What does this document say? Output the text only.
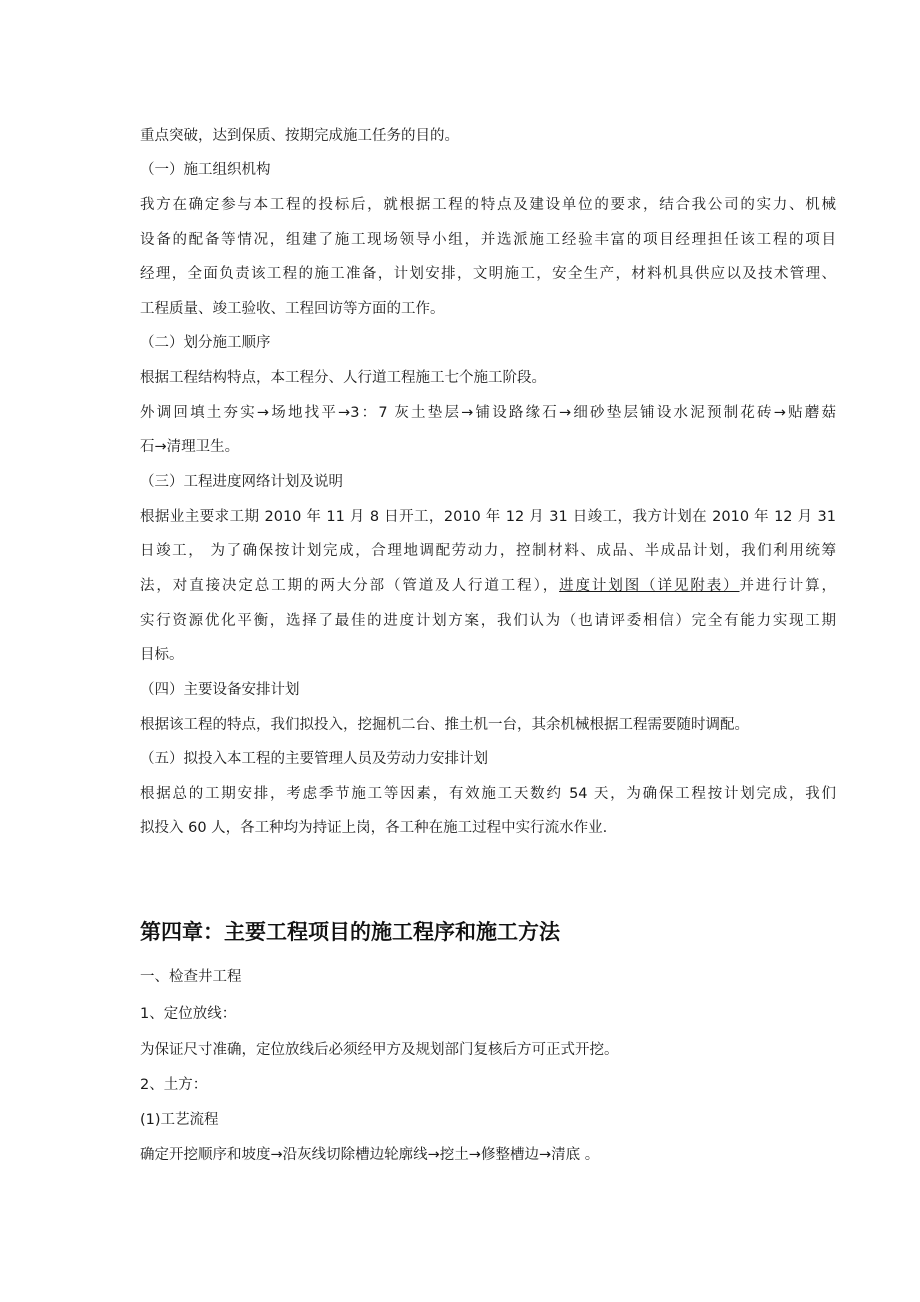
重点突破，达到保质、按期完成施工任务的目的。
（一）施工组织机构
我方在确定参与本工程的投标后，就根据工程的特点及建设单位的要求，结合我公司的实力、机械
设备的配备等情况，组建了施工现场领导小组，并选派施工经验丰富的项目经理担任该工程的项目
经理，全面负责该工程的施工准备，计划安排，文明施工，安全生产，材料机具供应以及技术管理、
工程质量、竣工验收、工程回访等方面的工作。
（二）划分施工顺序
根据工程结构特点，本工程分、人行道工程施工七个施工阶段。
外调回填土夯实→场地找平→3：7 灰土垫层→铺设路缘石→细砂垫层铺设水泥预制花砖→贴蘑菇
石→清理卫生。
（三）工程进度网络计划及说明
根据业主要求工期 2010 年 11 月 8 日开工，2010 年 12 月 31 日竣工，我方计划在 2010 年 12 月 31
日竣工， 为了确保按计划完成，合理地调配劳动力，控制材料、成品、半成品计划，我们利用统筹
法，对直接决定总工期的两大分部（管道及人行道工程），进度计划图（详见附表）并进行计算，
实行资源优化平衡，选择了最佳的进度计划方案，我们认为（也请评委相信）完全有能力实现工期
目标。
（四）主要设备安排计划
根据该工程的特点，我们拟投入，挖掘机二台、推土机一台，其余机械根据工程需要随时调配。
（五）拟投入本工程的主要管理人员及劳动力安排计划
根据总的工期安排，考虑季节施工等因素，有效施工天数约 54 天，为确保工程按计划完成，我们
拟投入 60 人，各工种均为持证上岗，各工种在施工过程中实行流水作业.
第四章：主要工程项目的施工程序和施工方法
一、检查井工程
1、定位放线：
为保证尺寸准确，定位放线后必须经甲方及规划部门复核后方可正式开挖。
2、土方：
(1)工艺流程
确定开挖顺序和坡度→沿灰线切除槽边轮廓线→挖土→修整槽边→清底 。
